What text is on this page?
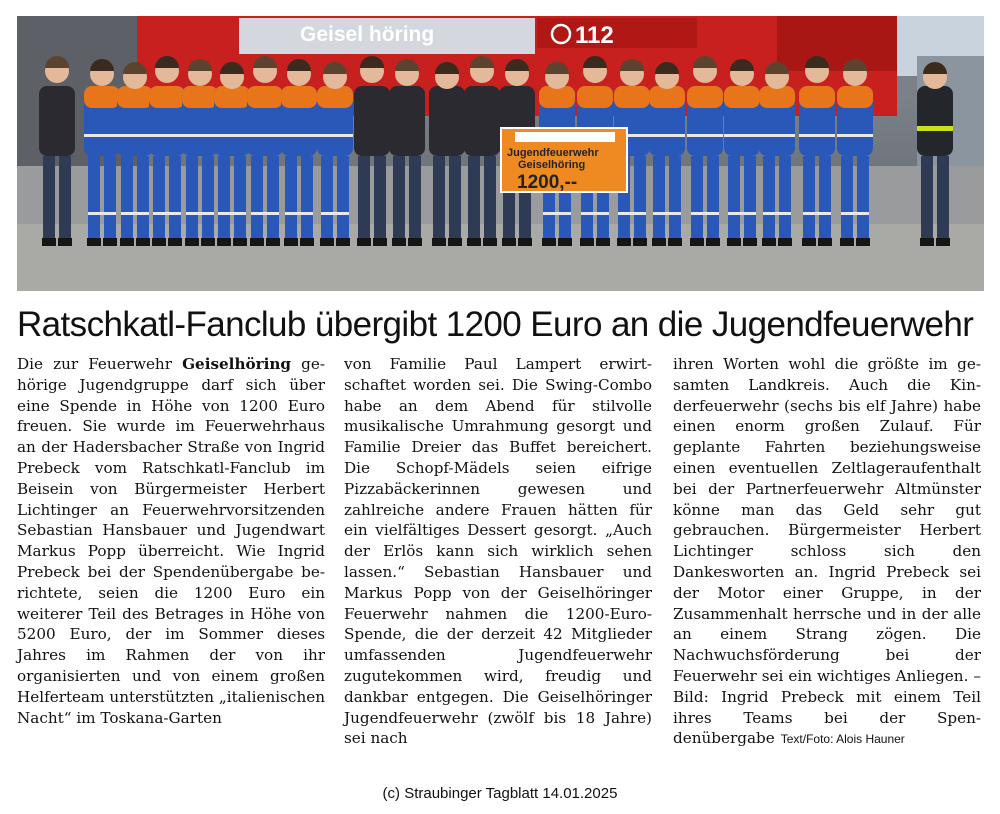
Geisel höring	112
Jugendfeuerwehr
Geiselhöring
1200,--
Ratschkatl-Fanclub übergibt 1200 Euro an die Jugendfeuerwehr

Die zur Feuerwehr Geiselhöring gehörige Jugendgruppe darf sich über eine Spende in Höhe von 1200 Euro freuen. Sie wurde im Feuerwehrhaus an der Hadersbacher Straße von Ingrid Prebeck vom Ratschkatl-Fanclub im Beisein von Bürgermeister Herbert Lichtinger an Feuerwehrvorsitzenden Sebastian Hansbauer und Jugendwart Markus Popp überreicht. Wie Ingrid Prebeck bei der Spendenübergabe berichtete, seien die 1200 Euro ein weiterer Teil des Betrages in Höhe von 5200 Euro, der im Sommer dieses Jahres im Rahmen der von ihr organisierten und von einem großen Helferteam unterstützten „italienischen Nacht“ im Toskana-Garten

von Familie Paul Lampert erwirtschaftet worden sei. Die Swing-Combo habe an dem Abend für stilvolle musikalische Umrahmung gesorgt und Familie Dreier das Buffet bereichert. Die Schopf-Mädels seien eifrige Pizzabäckerinnen gewesen und zahlreiche andere Frauen hätten für ein vielfältiges Dessert gesorgt. „Auch der Erlös kann sich wirklich sehen lassen.“ Sebastian Hansbauer und Markus Popp von der Geiselhöringer Feuerwehr nahmen die 1200-Euro-Spende, die der derzeit 42 Mitglieder umfassenden Jugendfeuerwehr zugutekommen wird, freudig und dankbar entgegen. Die Geiselhöringer Jugendfeuerwehr (zwölf bis 18 Jahre) sei nach

ihren Worten wohl die größte im gesamten Landkreis. Auch die Kinderfeuerwehr (sechs bis elf Jahre) habe einen enorm großen Zulauf. Für geplante Fahrten beziehungsweise einen eventuellen Zeltlageraufenthalt bei der Partnerfeuerwehr Altmünster könne man das Geld sehr gut gebrauchen. Bürgermeister Herbert Lichtinger schloss sich den Dankesworten an. Ingrid Prebeck sei der Motor einer Gruppe, in der Zusammenhalt herrsche und in der alle an einem Strang zögen. Die Nachwuchsförderung bei der Feuerwehr sei ein wichtiges Anliegen. – Bild: Ingrid Prebeck mit einem Teil ihres Teams bei der Spendenübergabe Text/Foto: Alois Hauner

(c) Straubinger Tagblatt 14.01.2025
